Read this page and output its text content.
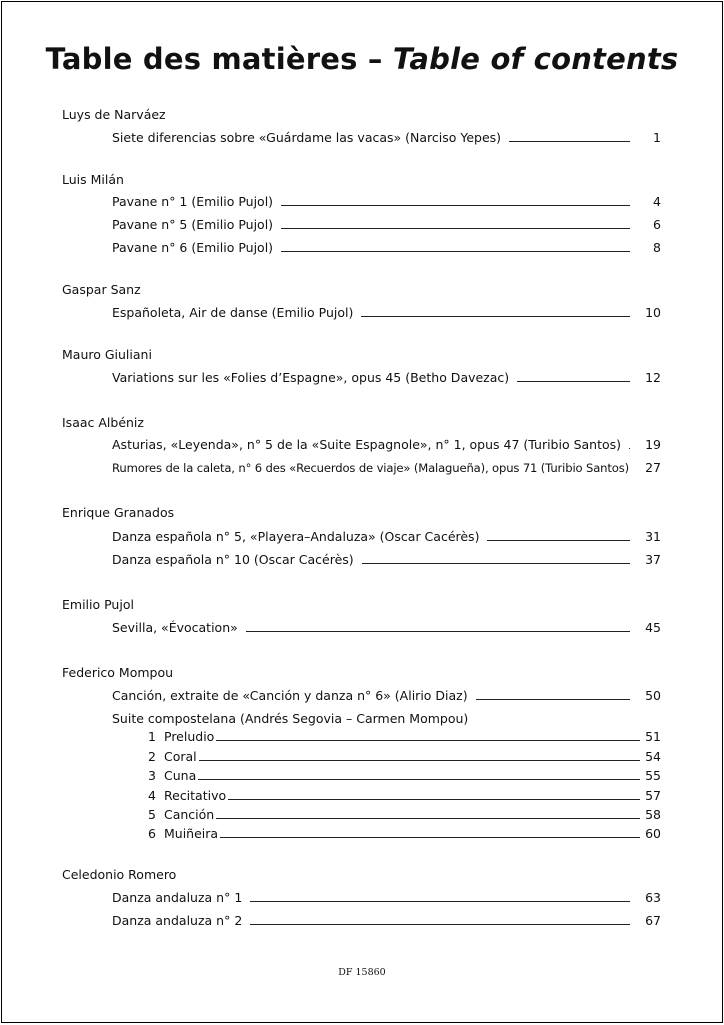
Table des matières – Table of contents
Luys de Narváez
Siete diferencias sobre «Guárdame las vacas» (Narciso Yepes)	1
Luis Milán
Pavane n° 1 (Emilio Pujol)	4
Pavane n° 5 (Emilio Pujol)	6
Pavane n° 6 (Emilio Pujol)	8
Gaspar Sanz
Españoleta, Air de danse (Emilio Pujol)	10
Mauro Giuliani
Variations sur les «Folies d’Espagne», opus 45 (Betho Davezac)	12
Isaac Albéniz
Asturias, «Leyenda», n° 5 de la «Suite Espagnole», n° 1, opus 47 (Turibio Santos)	19
Rumores de la caleta, n° 6 des «Recuerdos de viaje» (Malagueña), opus 71 (Turibio Santos)	27
Enrique Granados
Danza española n° 5, «Playera–Andaluza» (Oscar Cacérès)	31
Danza española n° 10 (Oscar Cacérès)	37
Emilio Pujol
Sevilla, «Évocation»	45
Federico Mompou
Canción, extraite de «Canción y danza n° 6» (Alirio Diaz)	50
Suite compostelana (Andrés Segovia – Carmen Mompou)
1 Preludio	51
2 Coral	54
3 Cuna	55
4 Recitativo	57
5 Canción	58
6 Muiñeira	60
Celedonio Romero
Danza andaluza n° 1	63
Danza andaluza n° 2	67
DF 15860
